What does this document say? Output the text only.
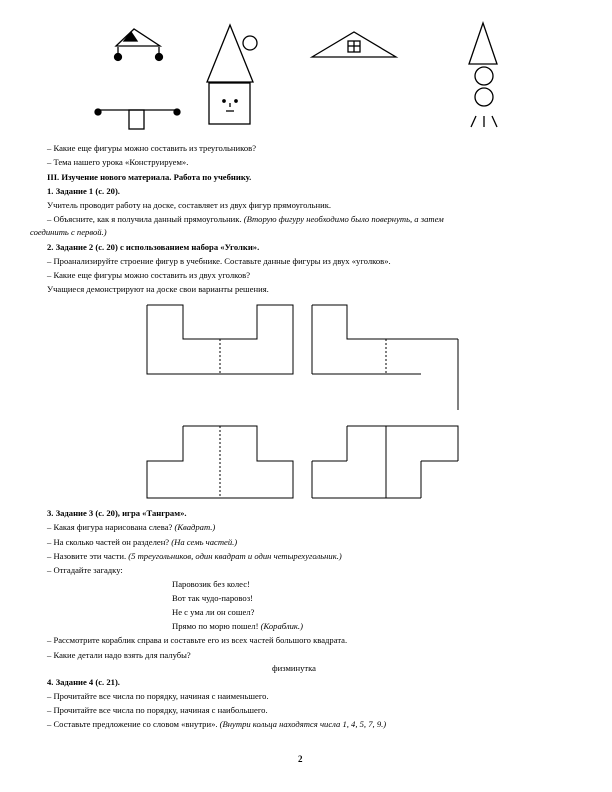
– Какие еще фигуры можно составить из треугольников?
– Тема нашего урока «Конструируем».
III. Изучение нового материала. Работа по учебнику.
1. Задание 1 (с. 20).
Учитель проводит работу на доске, составляет из двух фигур прямоугольник.
– Объясните, как я получила данный прямоугольник. (Вторую фигуру необходимо было повернуть, а затем
соединить с первой.)
2. Задание 2 (с. 20) с использованием набора «Уголки».
– Проанализируйте строение фигур в учебнике. Составьте данные фигуры из двух «уголков».
– Какие еще фигуры можно составить из двух уголков?
Учащиеся демонстрируют на доске свои варианты решения.
3. Задание 3 (с. 20), игра «Танграм».
– Какая фигура нарисована слева? (Квадрат.)
– На сколько частей он разделен? (На семь частей.)
– Назовите эти части. (5 треугольников, один квадрат и один четырехугольник.)
– Отгадайте загадку:
Паровозик без колес!
Вот так чудо-паровоз!
Не с ума ли он сошел?
Прямо по морю пошел! (Кораблик.)
– Рассмотрите кораблик справа и составьте его из всех частей большого квадрата.
– Какие детали надо взять для палубы?
физминутка
4. Задание 4 (с. 21).
– Прочитайте все числа по порядку, начиная с наименьшего.
– Прочитайте все числа по порядку, начиная с наибольшего.
– Составьте предложение со словом «внутри». (Внутри кольца находятся числа 1, 4, 5, 7, 9.)
2
